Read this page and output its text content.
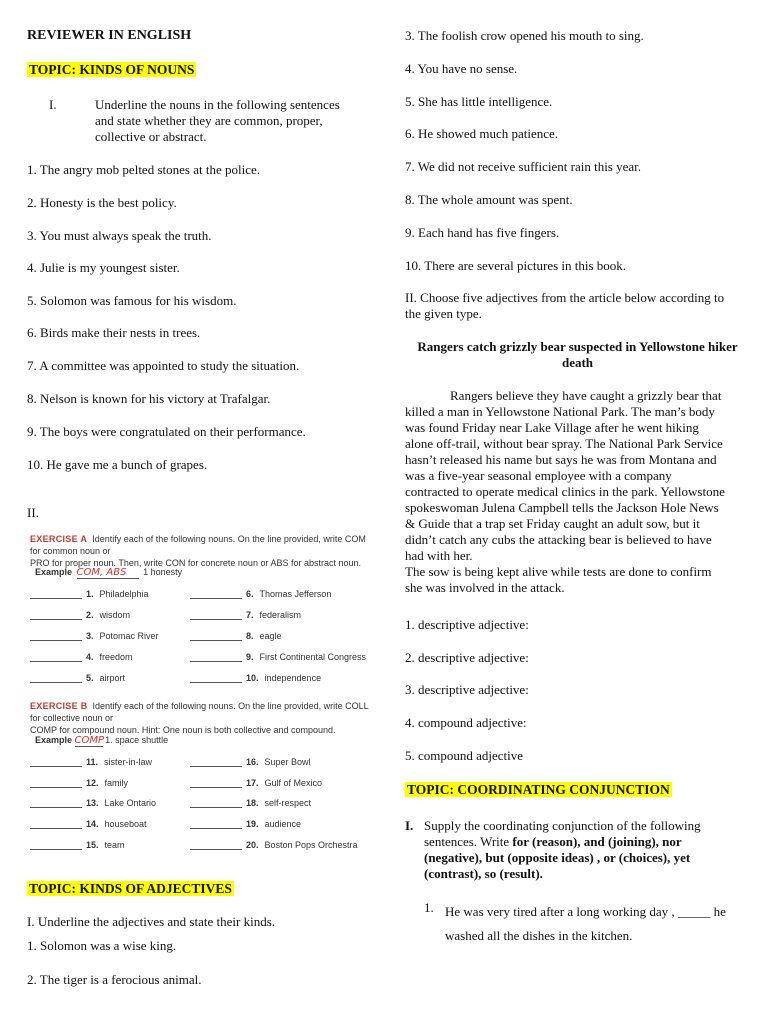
REVIEWER IN ENGLISH
TOPIC: KINDS OF NOUNS
I.	Underline the nouns in the following sentences
and state whether they are common, proper,
collective or abstract.
1. The angry mob pelted stones at the police.
2. Honesty is the best policy.
3. You must always speak the truth.
4. Julie is my youngest sister.
5. Solomon was famous for his wisdom.
6. Birds make their nests in trees.
7. A committee was appointed to study the situation.
8. Nelson is known for his victory at Trafalgar.
9. The boys were congratulated on their performance.
10. He gave me a bunch of grapes.
II.
EXERCISE A Identify each of the following nouns. On the line provided, write COM for common noun or
PRO for proper noun. Then, write CON for concrete noun or ABS for abstract noun.
Example COM, ABS 1 honesty
1. Philadelphia
2. wisdom
3. Potomac River
4. freedom
5. airport
6. Thomas Jefferson
7. federalism
8. eagle
9. First Continental Congress
10. independence
EXERCISE B Identify each of the following nouns. On the line provided, write COLL for collective noun or
COMP for compound noun. Hint: One noun is both collective and compound.
Example COMP 1. space shuttle
11. sister-in-law
12. family
13. Lake Ontario
14. houseboat
15. team
16. Super Bowl
17. Gulf of Mexico
18. self-respect
19. audience
20. Boston Pops Orchestra
TOPIC: KINDS OF ADJECTIVES
I. Underline the adjectives and state their kinds.
1. Solomon was a wise king.
2. The tiger is a ferocious animal.
3. The foolish crow opened his mouth to sing.
4. You have no sense.
5. She has little intelligence.
6. He showed much patience.
7. We did not receive sufficient rain this year.
8. The whole amount was spent.
9. Each hand has five fingers.
10. There are several pictures in this book.
II. Choose five adjectives from the article below according to
the given type.
Rangers catch grizzly bear suspected in Yellowstone hiker
death
Rangers believe they have caught a grizzly bear that
killed a man in Yellowstone National Park. The man’s body
was found Friday near Lake Village after he went hiking
alone off-trail, without bear spray. The National Park Service
hasn’t released his name but says he was from Montana and
was a five-year seasonal employee with a company
contracted to operate medical clinics in the park. Yellowstone
spokeswoman Julena Campbell tells the Jackson Hole News
& Guide that a trap set Friday caught an adult sow, but it
didn’t catch any cubs the attacking bear is believed to have
had with her.
The sow is being kept alive while tests are done to confirm
she was involved in the attack.
1. descriptive adjective:
2. descriptive adjective:
3. descriptive adjective:
4. compound adjective:
5. compound adjective
TOPIC: COORDINATING CONJUNCTION
I. Supply the coordinating conjunction of the following
sentences. Write for (reason), and (joining), nor
(negative), but (opposite ideas) , or (choices), yet
(contrast), so (result).
1. He was very tired after a long working day , _____ he
washed all the dishes in the kitchen.
